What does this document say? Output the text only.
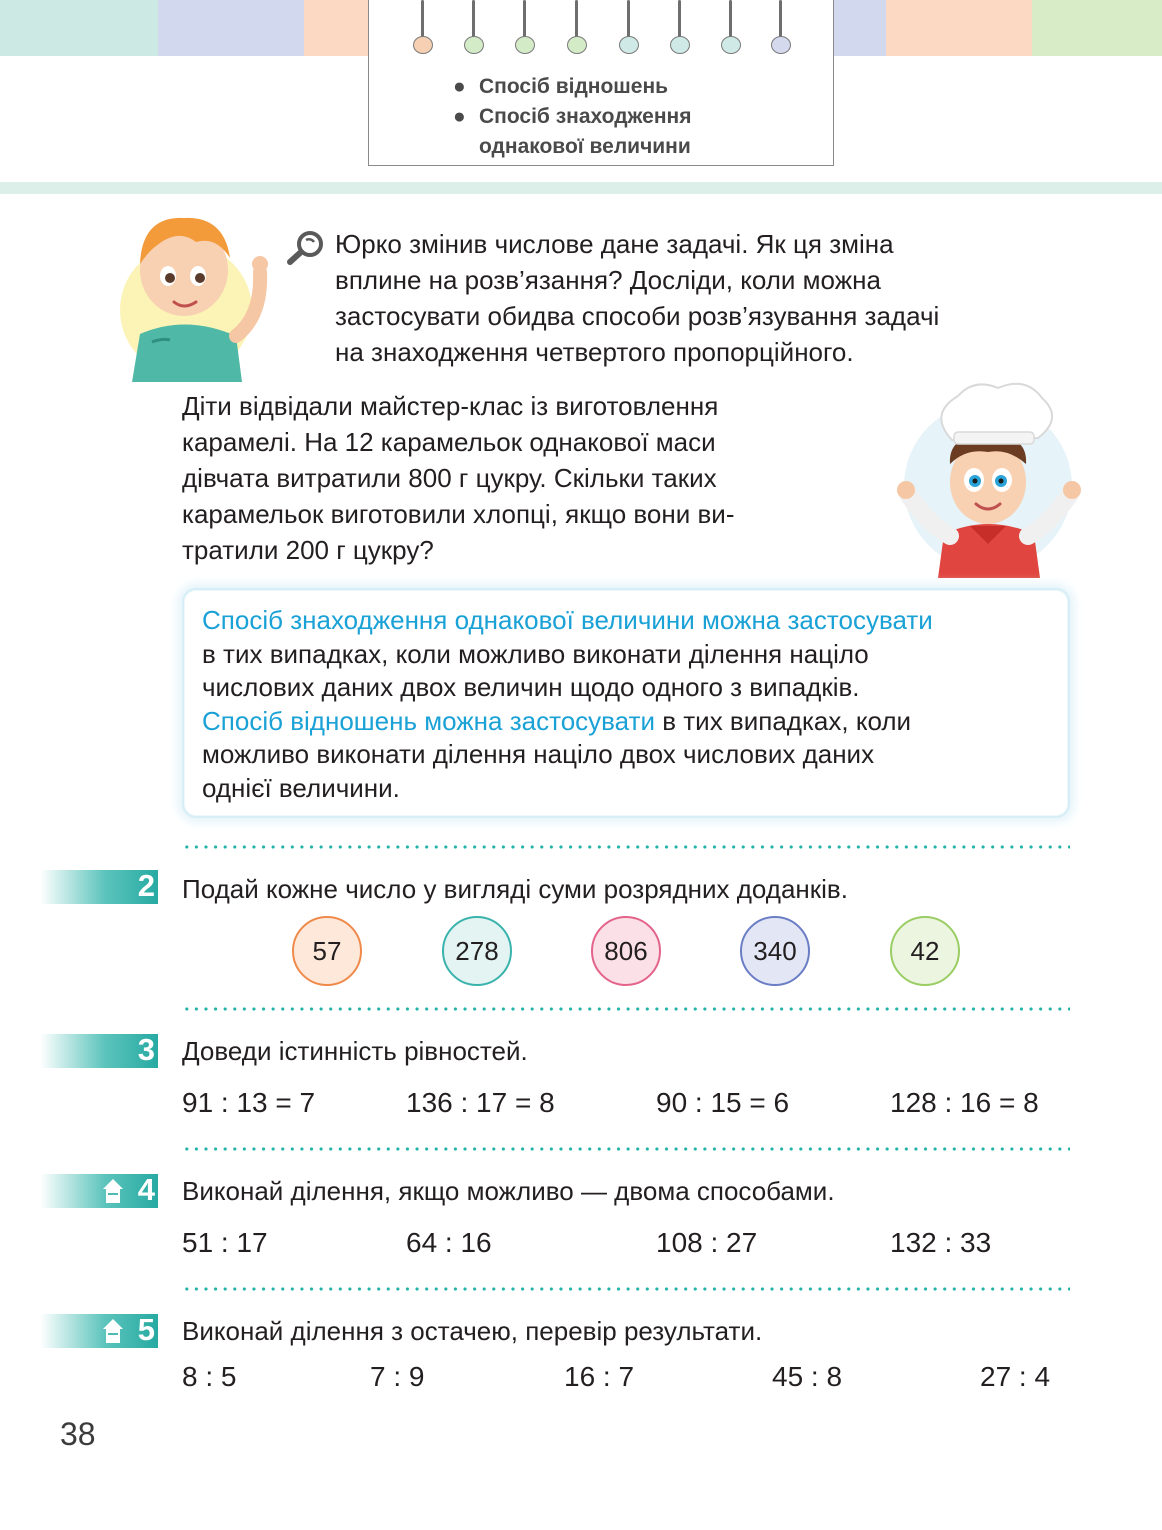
● Спосіб відношень
● Спосіб знаходження
однакової величини
Юрко змінив числове дане задачі. Як ця зміна
вплине на розв’язання? Досліди, коли можна
застосувати обидва способи розв’язування задачі
на знаходження четвертого пропорційного.
Діти відвідали майстер-клас із виготовлення
карамелі. На 12 карамельок однакової маси
дівчата витратили 800 г цукру. Скільки таких
карамельок виготовили хлопці, якщо вони ви-
тратили 200 г цукру?
Спосіб знаходження однакової величини можна застосувати
в тих випадках, коли можливо виконати ділення націло
числових даних двох величин щодо одного з випадків.
Спосіб відношень можна застосувати в тих випадках, коли
можливо виконати ділення націло двох числових даних
однієї величини.
2 Подай кожне число у вигляді суми розрядних доданків.
57	278	806	340	42
3 Доведи істинність рівностей.
91 : 13 = 7	136 : 17 = 8	90 : 15 = 6	128 : 16 = 8
4 Виконай ділення, якщо можливо — двома способами.
51 : 17	64 : 16	108 : 27	132 : 33
5 Виконай ділення з остачею, перевір результати.
8 : 5	7 : 9	16 : 7	45 : 8	27 : 4
38
